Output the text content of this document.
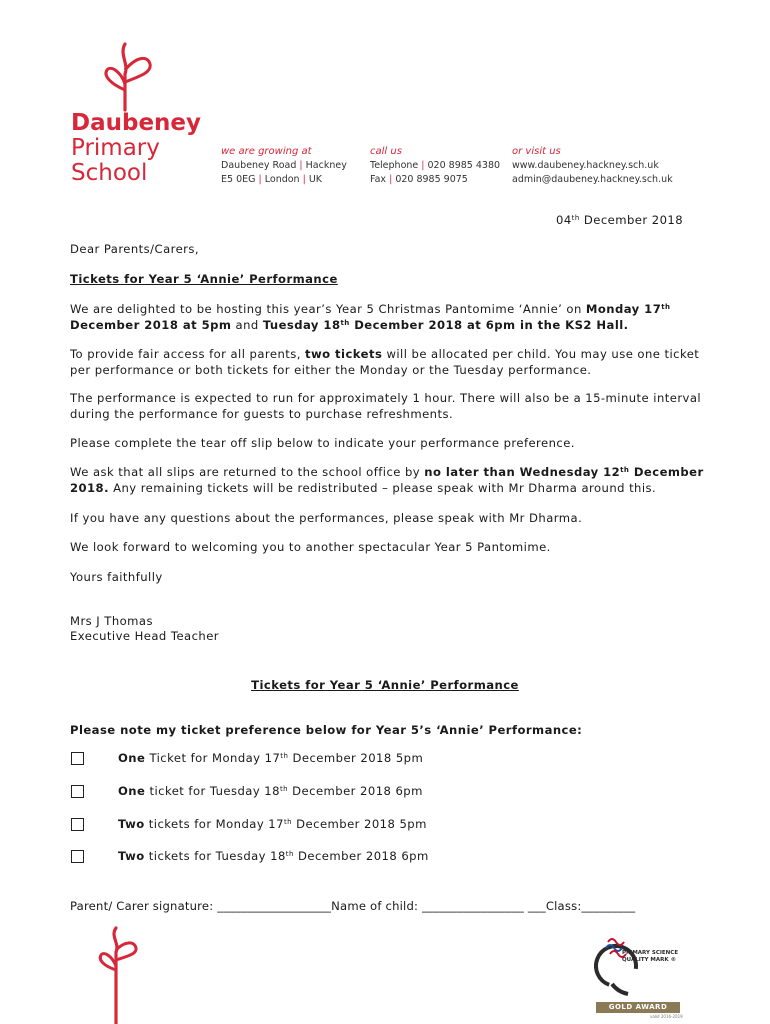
Daubeney
Primary
School
we are growing at
Daubeney Road | Hackney
E5 0EG | London | UK
call us
Telephone | 020 8985 4380
Fax | 020 8985 9075
or visit us
www.daubeney.hackney.sch.uk
admin@daubeney.hackney.sch.uk
04th December 2018
Dear Parents/Carers,
Tickets for Year 5 ‘Annie’ Performance
We are delighted to be hosting this year’s Year 5 Christmas Pantomime ‘Annie’ on Monday 17th
December 2018 at 5pm and Tuesday 18th December 2018 at 6pm in the KS2 Hall.
To provide fair access for all parents, two tickets will be allocated per child. You may use one ticket per performance or both tickets for either the Monday or the Tuesday performance.
The performance is expected to run for approximately 1 hour. There will also be a 15-minute interval during the performance for guests to purchase refreshments.
Please complete the tear off slip below to indicate your performance preference.
We ask that all slips are returned to the school office by no later than Wednesday 12th December 2018. Any remaining tickets will be redistributed – please speak with Mr Dharma around this.
If you have any questions about the performances, please speak with Mr Dharma.
We look forward to welcoming you to another spectacular Year 5 Pantomime.
Yours faithfully
Mrs J Thomas
Executive Head Teacher
Tickets for Year 5 ‘Annie’ Performance
Please note my ticket preference below for Year 5’s ‘Annie’ Performance:
One Ticket for Monday 17th December 2018 5pm
One ticket for Tuesday 18th December 2018 6pm
Two tickets for Monday 17th December 2018 5pm
Two tickets for Tuesday 18th December 2018 6pm
Parent/ Carer signature: ___________________Name of child: _________________ ___Class:_________
PRIMARY SCIENCE
QUALITY MARK ®
GOLD AWARD
valid 2016-2019
